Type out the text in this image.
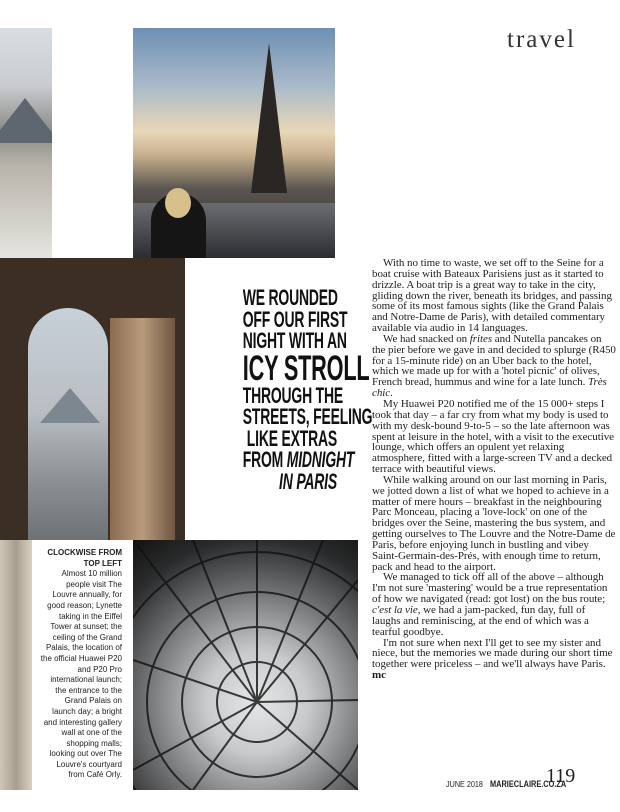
travel
WE ROUNDED
OFF OUR FIRST
NIGHT WITH AN
ICY STROLL
THROUGH THE
STREETS, FEELING
LIKE EXTRAS
FROM MIDNIGHT
IN PARIS
CLOCKWISE FROM TOP LEFT
Almost 10 million people visit The Louvre annually, for good reason; Lynette taking in the Eiffel Tower at sunset; the ceiling of the Grand Palais, the location of the official Huawei P20 and P20 Pro international launch; the entrance to the Grand Palais on launch day; a bright and interesting gallery wall at one of the shopping malls; looking out over The Louvre's courtyard from Café Orly.

With no time to waste, we set off to the Seine for a boat cruise with Bateaux Parisiens just as it started to drizzle. A boat trip is a great way to take in the city, gliding down the river, beneath its bridges, and passing some of its most famous sights (like the Grand Palais and Notre-Dame de Paris), with detailed commentary available via audio in 14 languages.

We had snacked on frites and Nutella pancakes on the pier before we gave in and decided to splurge (R450 for a 15-minute ride) on an Uber back to the hotel, which we made up for with a 'hotel picnic' of olives, French bread, hummus and wine for a late lunch. Très chic.

My Huawei P20 notified me of the 15 000+ steps I took that day – a far cry from what my body is used to with my desk-bound 9-to-5 – so the late afternoon was spent at leisure in the hotel, with a visit to the executive lounge, which offers an opulent yet relaxing atmosphere, fitted with a large-screen TV and a decked terrace with beautiful views.

While walking around on our last morning in Paris, we jotted down a list of what we hoped to achieve in a matter of mere hours – breakfast in the neighbouring Parc Monceau, placing a 'love-lock' on one of the bridges over the Seine, mastering the bus system, and getting ourselves to The Louvre and the Notre-Dame de Paris, before enjoying lunch in bustling and vibey Saint-Germain-des-Prés, with enough time to return, pack and head to the airport.

We managed to tick off all of the above – although I'm not sure 'mastering' would be a true representation of how we navigated (read: got lost) on the bus route; c'est la vie, we had a jam-packed, fun day, full of laughs and reminiscing, at the end of which was a tearful goodbye.

I'm not sure when next I'll get to see my sister and niece, but the memories we made during our short time together were priceless – and we'll always have Paris. mc

JUNE 2018 MARIECLAIRE.CO.ZA
119
